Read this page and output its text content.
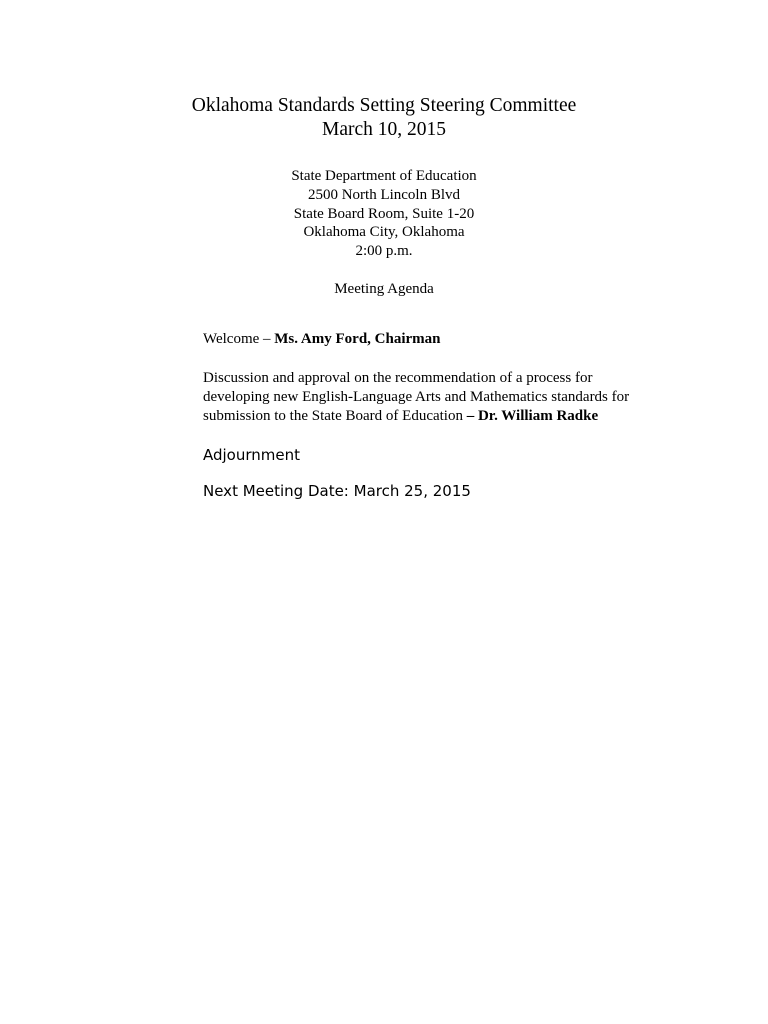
Oklahoma Standards Setting Steering Committee
March 10, 2015
State Department of Education
2500 North Lincoln Blvd
State Board Room, Suite 1-20
Oklahoma City, Oklahoma
2:00 p.m.
Meeting Agenda
Welcome – Ms. Amy Ford, Chairman
Discussion and approval on the recommendation of a process for developing new English-Language Arts and Mathematics standards for submission to the State Board of Education – Dr. William Radke
Adjournment
Next Meeting Date: March 25, 2015
